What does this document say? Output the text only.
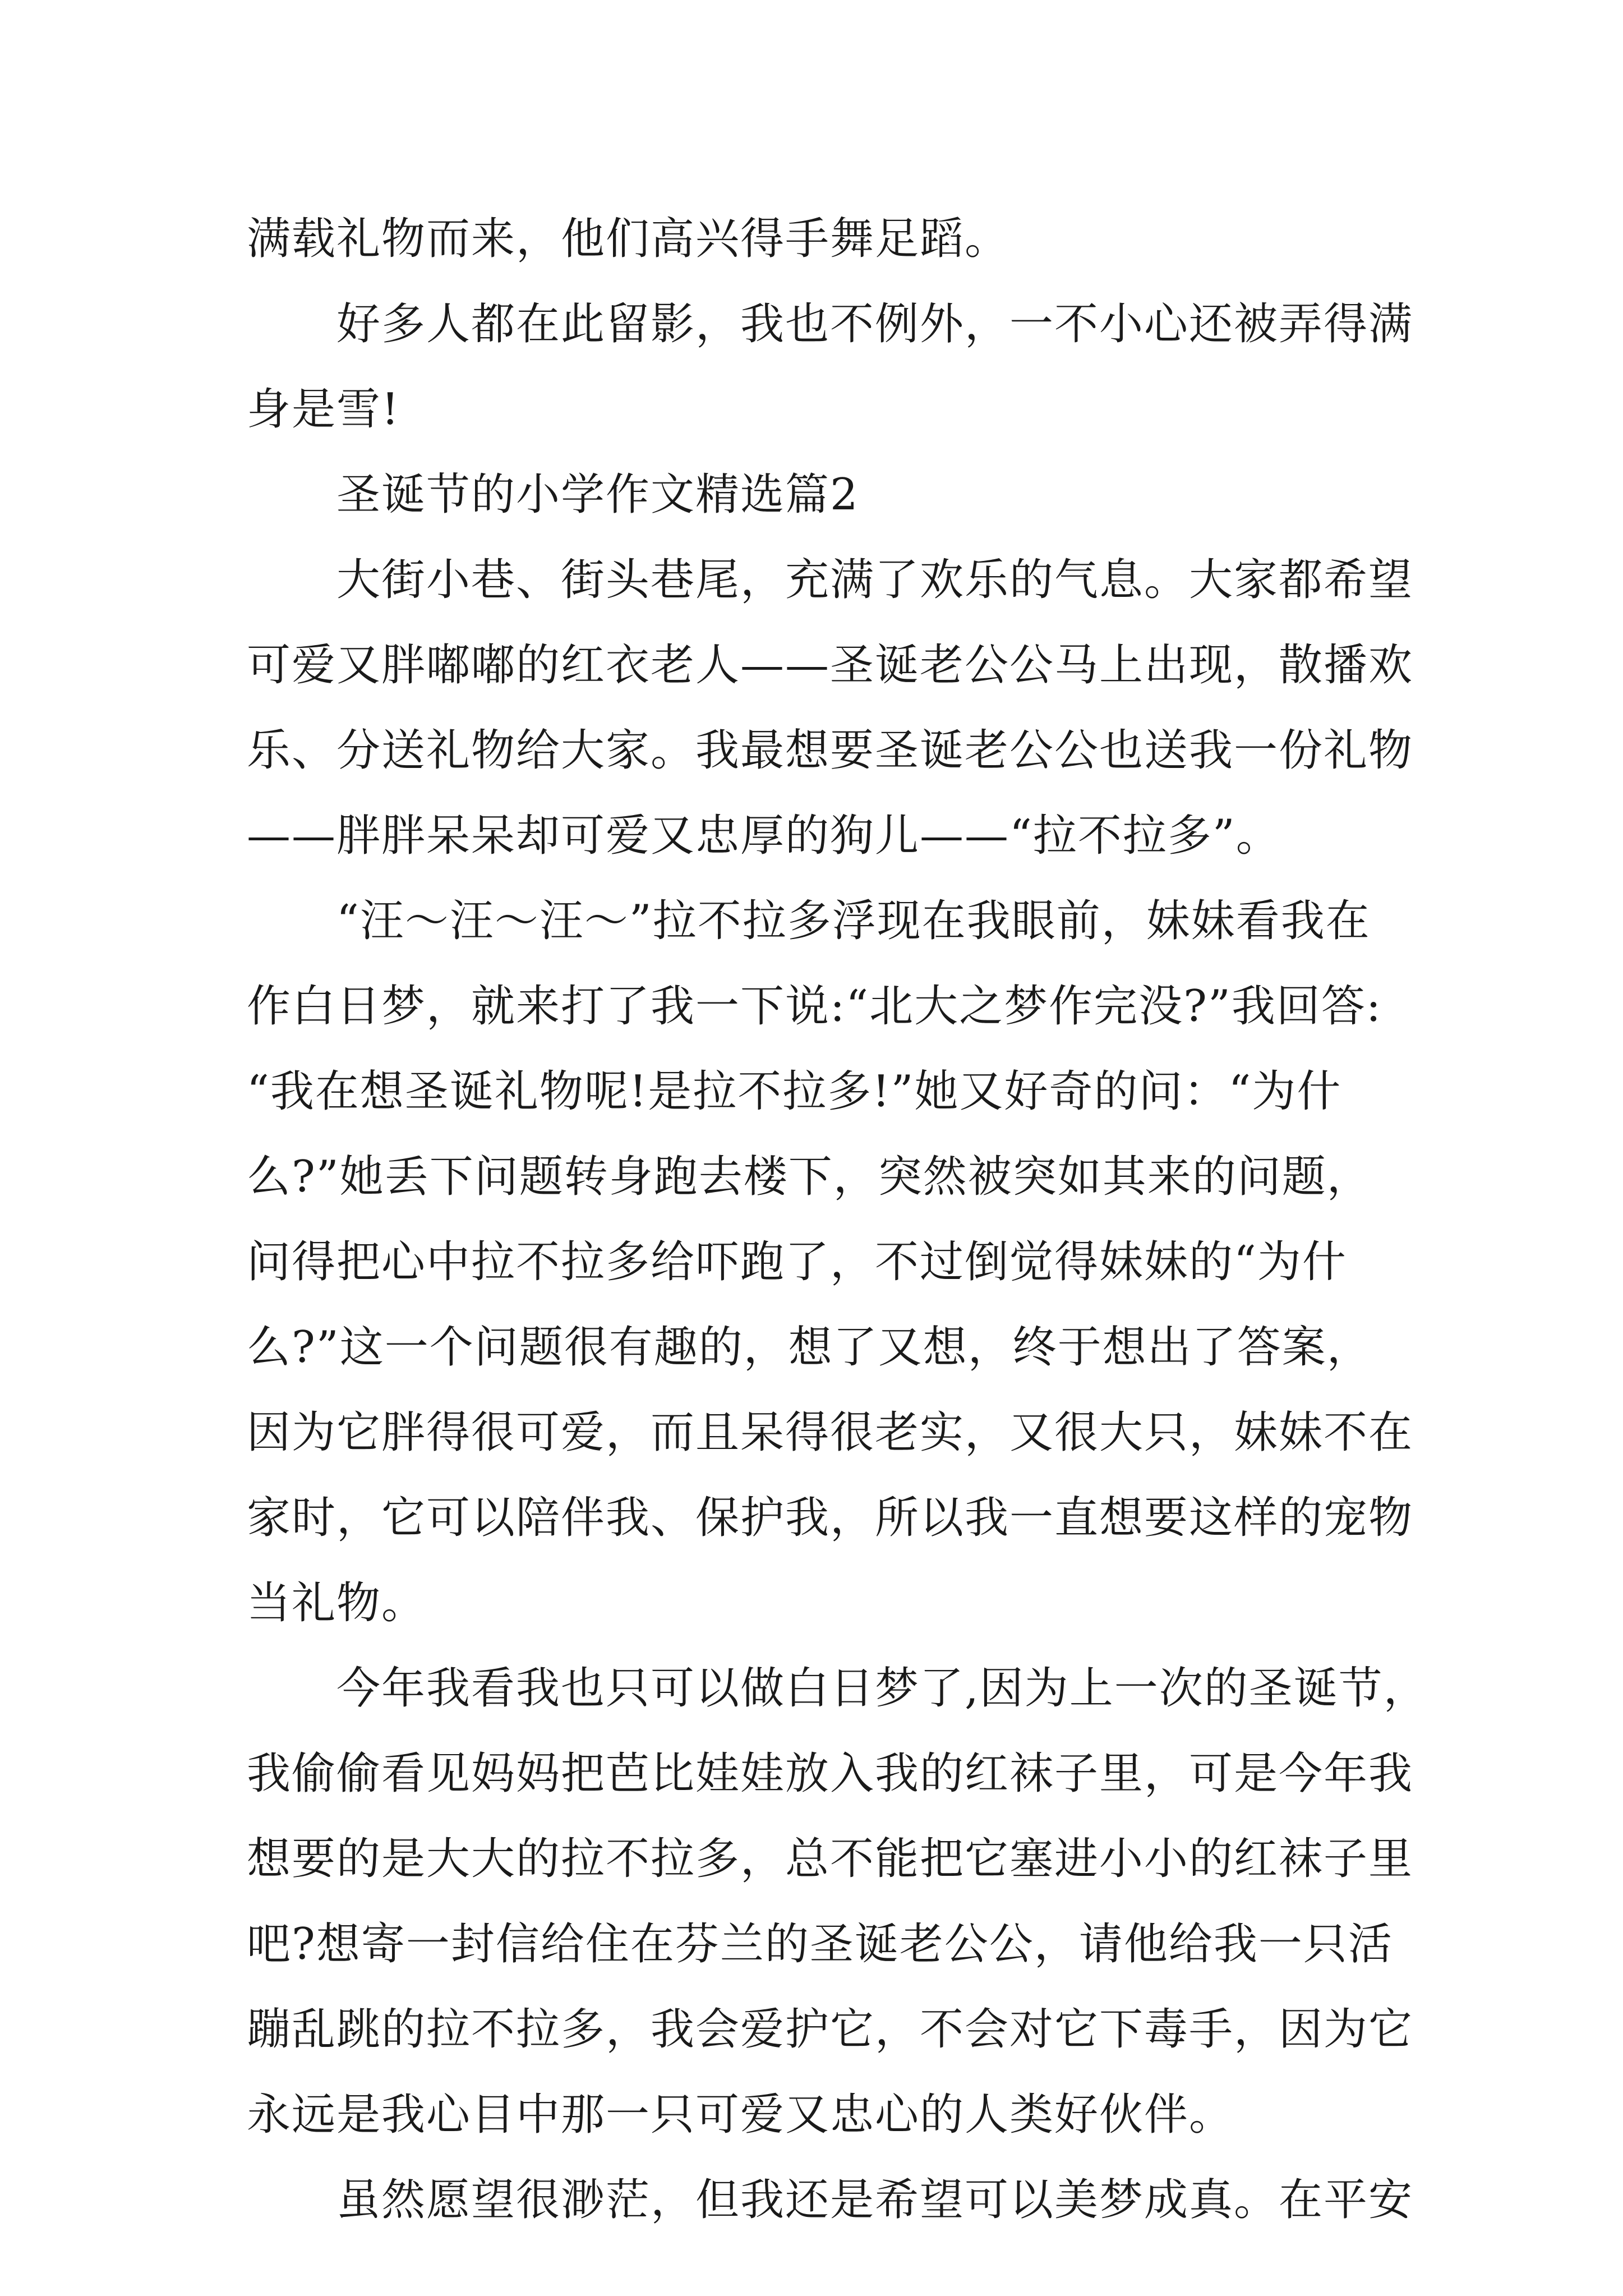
满载礼物而来，他们高兴得手舞足蹈。
好多人都在此留影，我也不例外，一不小心还被弄得满
身是雪!
圣诞节的小学作文精选篇2
大街小巷、街头巷尾，充满了欢乐的气息。大家都希望
可爱又胖嘟嘟的红衣老人——圣诞老公公马上出现，散播欢
乐、分送礼物给大家。我最想要圣诞老公公也送我一份礼物
——胖胖呆呆却可爱又忠厚的狗儿——“拉不拉多”。
“汪～汪～汪～”拉不拉多浮现在我眼前，妹妹看我在
作白日梦，就来打了我一下说:“北大之梦作完没?”我回答:
“我在想圣诞礼物呢!是拉不拉多!”她又好奇的问：“为什
么?”她丢下问题转身跑去楼下，突然被突如其来的问题，
问得把心中拉不拉多给吓跑了，不过倒觉得妹妹的“为什
么?”这一个问题很有趣的，想了又想，终于想出了答案，
因为它胖得很可爱，而且呆得很老实，又很大只，妹妹不在
家时，它可以陪伴我、保护我，所以我一直想要这样的宠物
当礼物。
今年我看我也只可以做白日梦了,因为上一次的圣诞节，
我偷偷看见妈妈把芭比娃娃放入我的红袜子里，可是今年我
想要的是大大的拉不拉多，总不能把它塞进小小的红袜子里
吧?想寄一封信给住在芬兰的圣诞老公公，请他给我一只活
蹦乱跳的拉不拉多，我会爱护它，不会对它下毒手，因为它
永远是我心目中那一只可爱又忠心的人类好伙伴。
虽然愿望很渺茫，但我还是希望可以美梦成真。在平安
